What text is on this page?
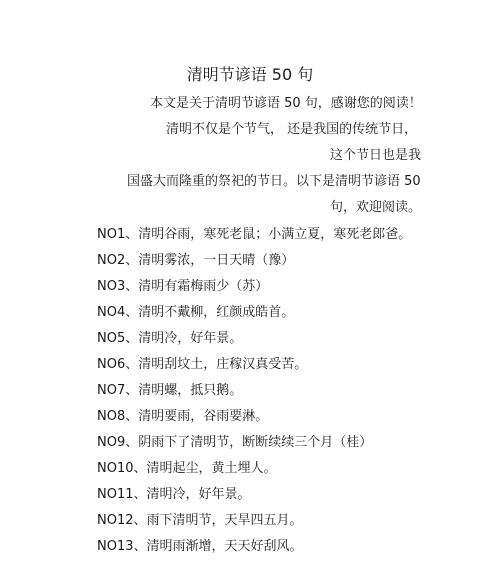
清明节谚语 50 句
本文是关于清明节谚语 50 句，感谢您的阅读！
清明不仅是个节气， 还是我国的传统节日，
这个节日也是我
国盛大而隆重的祭祀的节日。以下是清明节谚语 50
句，欢迎阅读。
NO1、清明谷雨，寒死老鼠；小满立夏，寒死老郎爸。
NO2、清明雾浓，一日天晴（豫）
NO3、清明有霜梅雨少（苏）
NO4、清明不戴柳，红颜成皓首。
NO5、清明冷，好年景。
NO6、清明刮坟土，庄稼汉真受苦。
NO7、清明螺，抵只鹅。
NO8、清明要雨，谷雨要淋。
NO9、阴雨下了清明节，断断续续三个月（桂）
NO10、清明起尘，黄土埋人。
NO11、清明冷，好年景。
NO12、雨下清明节，天旱四五月。
NO13、清明雨渐增，天天好刮风。
